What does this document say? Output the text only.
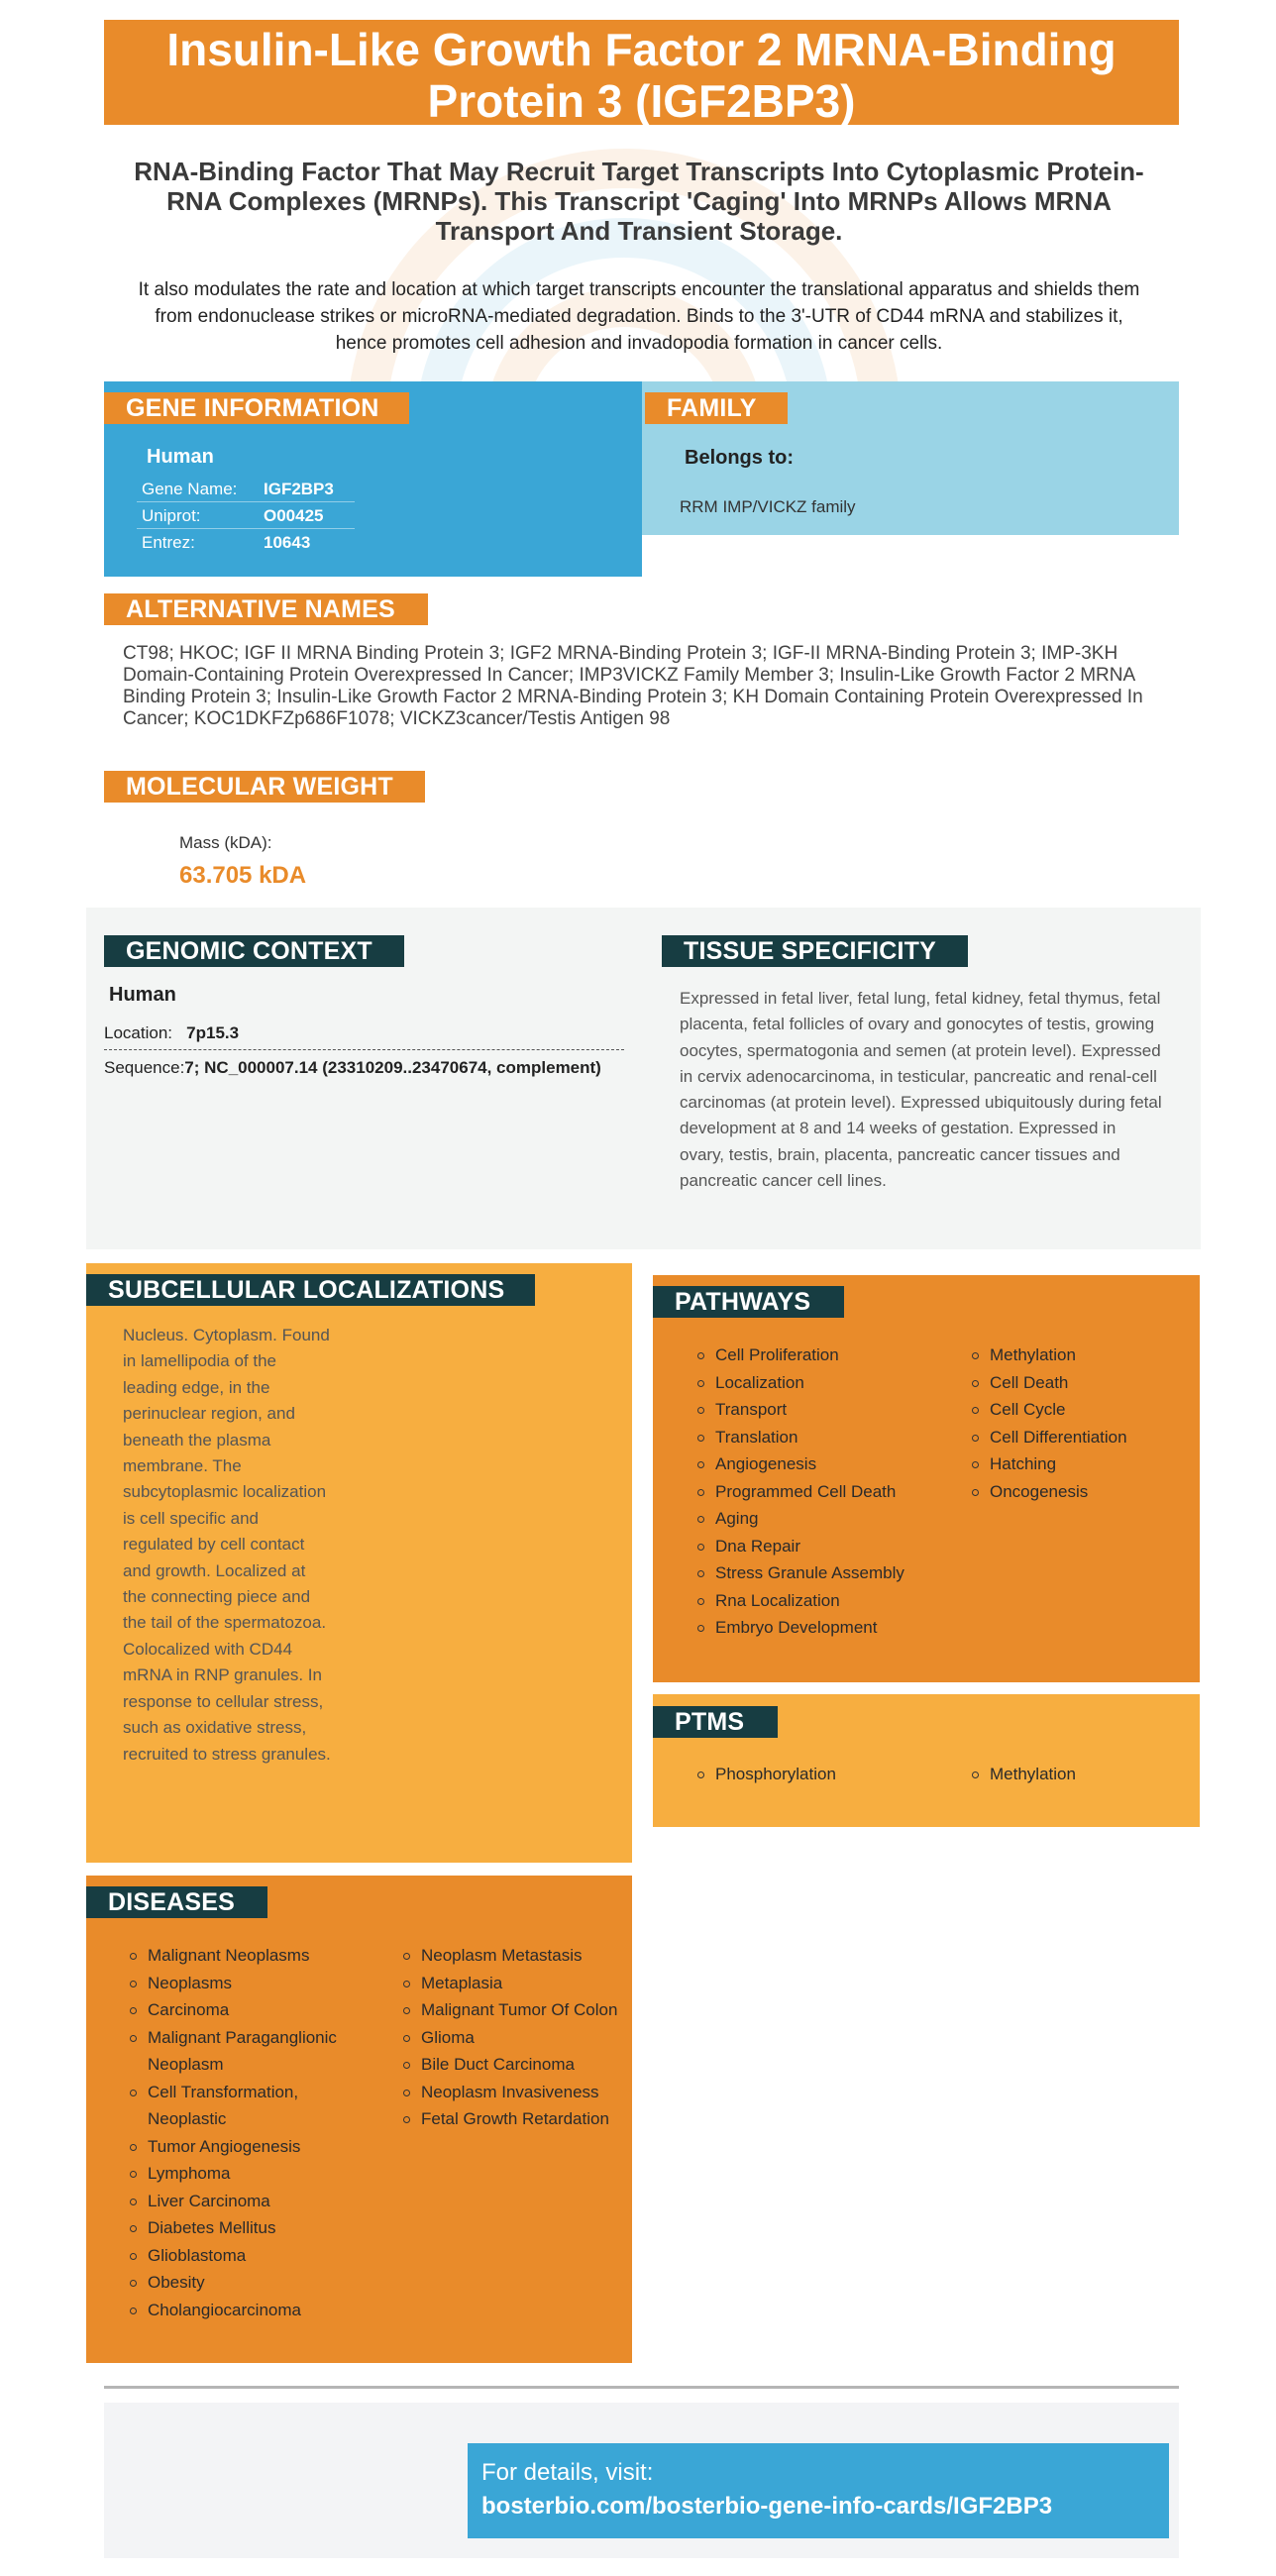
Insulin-Like Growth Factor 2 MRNA-Binding Protein 3 (IGF2BP3)
RNA-Binding Factor That May Recruit Target Transcripts Into Cytoplasmic Protein-RNA Complexes (MRNPs). This Transcript 'Caging' Into MRNPs Allows MRNA Transport And Transient Storage.
It also modulates the rate and location at which target transcripts encounter the translational apparatus and shields them from endonuclease strikes or microRNA-mediated degradation. Binds to the 3'-UTR of CD44 mRNA and stabilizes it, hence promotes cell adhesion and invadopodia formation in cancer cells.
GENE INFORMATION
Human
Gene Name:	IGF2BP3
Uniprot:	O00425
Entrez:	10643
FAMILY
Belongs to:
RRM IMP/VICKZ family
ALTERNATIVE NAMES
CT98; HKOC; IGF II MRNA Binding Protein 3; IGF2 MRNA-Binding Protein 3; IGF-II MRNA-Binding Protein 3; IMP-3KH Domain-Containing Protein Overexpressed In Cancer; IMP3VICKZ Family Member 3; Insulin-Like Growth Factor 2 MRNA Binding Protein 3; Insulin-Like Growth Factor 2 MRNA-Binding Protein 3; KH Domain Containing Protein Overexpressed In Cancer; KOC1DKFZp686F1078; VICKZ3cancer/Testis Antigen 98
MOLECULAR WEIGHT
Mass (kDA):
63.705 kDA
GENOMIC CONTEXT
Human
Location: 7p15.3
Sequence:7; NC_000007.14 (23310209..23470674, complement)
TISSUE SPECIFICITY
Expressed in fetal liver, fetal lung, fetal kidney, fetal thymus, fetal placenta, fetal follicles of ovary and gonocytes of testis, growing oocytes, spermatogonia and semen (at protein level). Expressed in cervix adenocarcinoma, in testicular, pancreatic and renal-cell carcinomas (at protein level). Expressed ubiquitously during fetal development at 8 and 14 weeks of gestation. Expressed in ovary, testis, brain, placenta, pancreatic cancer tissues and pancreatic cancer cell lines.
SUBCELLULAR LOCALIZATIONS
Nucleus. Cytoplasm. Found in lamellipodia of the leading edge, in the perinuclear region, and beneath the plasma membrane. The subcytoplasmic localization is cell specific and regulated by cell contact and growth. Localized at the connecting piece and the tail of the spermatozoa. Colocalized with CD44 mRNA in RNP granules. In response to cellular stress, such as oxidative stress, recruited to stress granules.
PATHWAYS
Cell Proliferation
Localization
Transport
Translation
Angiogenesis
Programmed Cell Death
Aging
Dna Repair
Stress Granule Assembly
Rna Localization
Embryo Development
Methylation
Cell Death
Cell Cycle
Cell Differentiation
Hatching
Oncogenesis
PTMS
Phosphorylation	Methylation
DISEASES
Malignant Neoplasms
Neoplasms
Carcinoma
Malignant Paraganglionic Neoplasm
Cell Transformation, Neoplastic
Tumor Angiogenesis
Lymphoma
Liver Carcinoma
Diabetes Mellitus
Glioblastoma
Obesity
Cholangiocarcinoma
Neoplasm Metastasis
Metaplasia
Malignant Tumor Of Colon
Glioma
Bile Duct Carcinoma
Neoplasm Invasiveness
Fetal Growth Retardation
For details, visit:
bosterbio.com/bosterbio-gene-info-cards/IGF2BP3
